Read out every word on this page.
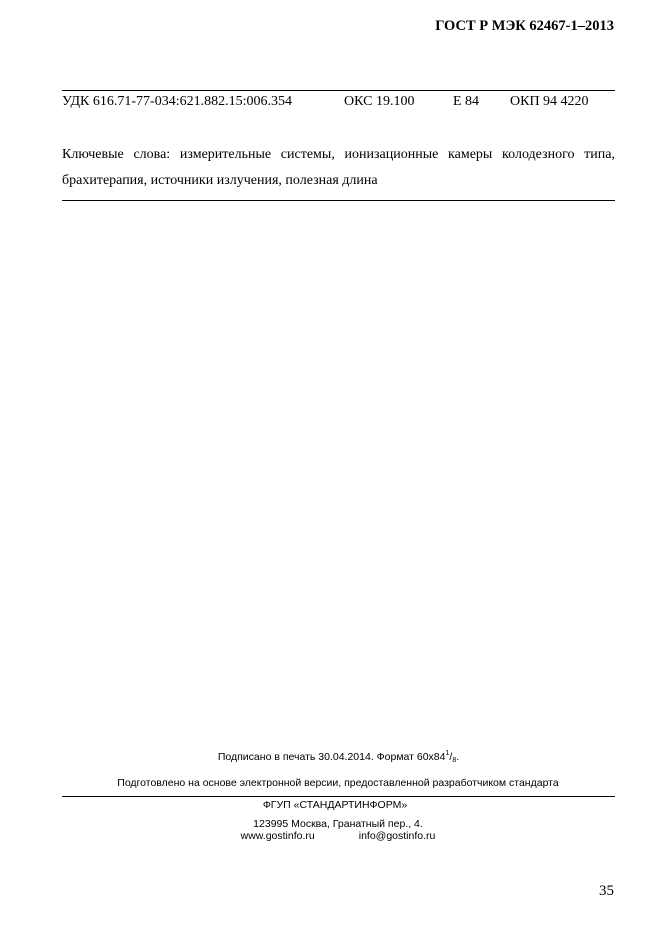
ГОСТ Р МЭК 62467-1–2013
УДК 616.71-77-034:621.882.15:006.354	ОКС 19.100	Е 84 ОКП 94 4220
Ключевые слова: измерительные системы, ионизационные камеры колодезного типа, брахитерапия, источники излучения, полезная длина
Подписано в печать 30.04.2014. Формат $60x84^1/_8$.
Подготовлено на основе электронной версии, предоставленной разработчиком стандарта
ФГУП «СТАНДАРТИНФОРМ»
123995 Москва, Гранатный пер., 4.
www.gostinfo.ru	info@gostinfo.ru
35
